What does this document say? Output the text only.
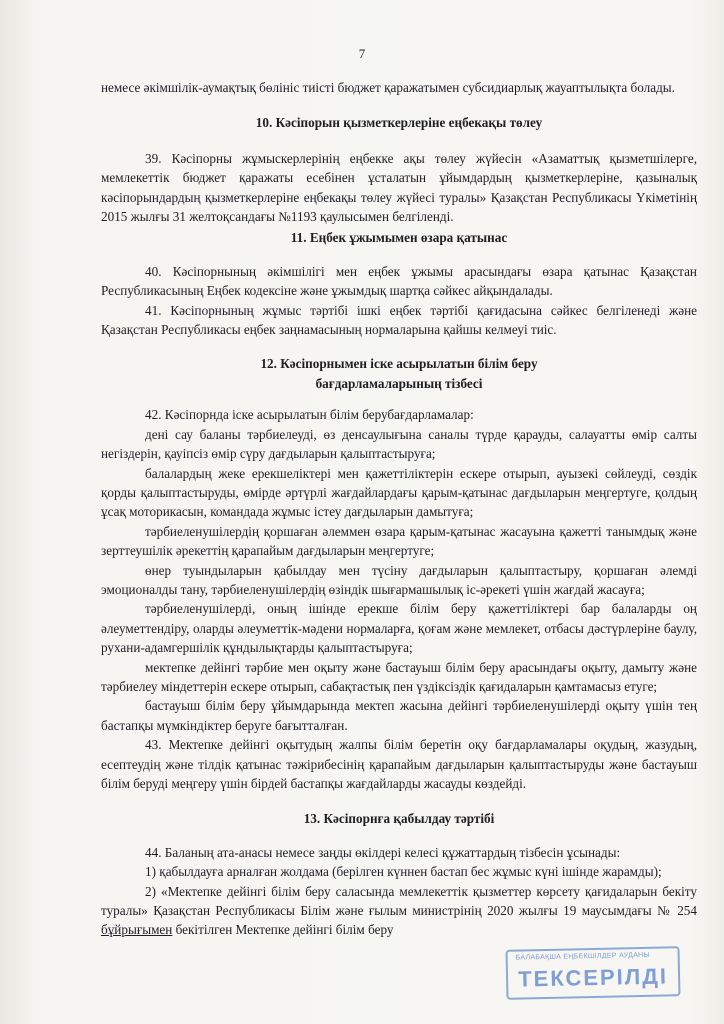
7

немесе әкімшілік-аумақтық бөлініс тиісті бюджет қаражатымен субсидиарлық жауаптылықта болады.

10. Кәсіпорын қызметкерлеріне еңбекақы төлеу

39. Кәсіпорны жұмыскерлерінің еңбекке ақы төлеу жүйесін «Азаматтық қызметшілерге, мемлекеттік бюджет қаражаты есебінен ұсталатын ұйымдардың қызметкерлеріне, қазыналық кәсіпорындардың қызметкерлеріне еңбекақы төлеу жүйесі туралы» Қазақстан Республикасы Үкіметінің 2015 жылғы 31 желтоқсандағы №1193 қаулысымен белгіленді.

11. Еңбек ұжымымен өзара қатынас

40. Кәсіпорнының әкімшілігі мен еңбек ұжымы арасындағы өзара қатынас Қазақстан Республикасының Еңбек кодексіне және ұжымдық шартқа сәйкес айқындалады.

41. Кәсіпорнының жұмыс тәртібі ішкі еңбек тәртібі қағидасына сәйкес белгіленеді және Қазақстан Республикасы еңбек заңнамасының нормаларына қайшы келмеуі тиіс.

12. Кәсіпорнымен іске асырылатын білім беру бағдарламаларының тізбесі

42. Кәсіпорнда іске асырылатын білім берубағдарламалар:

дені сау баланы тәрбиелеуді, өз денсаулығына саналы түрде қарауды, салауатты өмір салты негіздерін, қауіпсіз өмір сүру дағдыларын қалыптастыруға;

балалардың жеке ерекшеліктері мен қажеттіліктерін ескере отырып, ауызекі сөйлеуді, сөздік қорды қалыптастыруды, өмірде әртүрлі жағдайлардағы қарым-қатынас дағдыларын меңгертуге, қолдың ұсақ моторикасын, командада жұмыс істеу дағдыларын дамытуға;

тәрбиеленушілердің қоршаған әлеммен өзара қарым-қатынас жасауына қажетті танымдық және зерттеушілік әрекеттің қарапайым дағдыларын меңгертуге;

өнер туындыларын қабылдау мен түсіну дағдыларын қалыптастыру, қоршаған әлемді эмоционалды тану, тәрбиеленушілердің өзіндік шығармашылық іс-әрекеті үшін жағдай жасауға;

тәрбиеленушілерді, оның ішінде ерекше білім беру қажеттіліктері бар балаларды оң әлеуметтендіру, оларды әлеуметтік-мәдени нормаларға, қоғам және мемлекет, отбасы дәстүрлеріне баулу, рухани-адамгершілік құндылықтарды қалыптастыруға;

мектепке дейінгі тәрбие мен оқыту және бастауыш білім беру арасындағы оқыту, дамыту және тәрбиелеу міндеттерін ескере отырып, сабақтастық пен үздіксіздік қағидаларын қамтамасыз етуге;

бастауыш білім беру ұйымдарында мектеп жасына дейінгі тәрбиеленушілерді оқыту үшін тең бастапқы мүмкіндіктер беруге бағытталған.

43. Мектепке дейінгі оқытудың жалпы білім беретін оқу бағдарламалары оқудың, жазудың, есептеудің және тілдік қатынас тәжірибесінің қарапайым дағдыларын қалыптастыруды және бастауыш білім беруді меңгеру үшін бірдей бастапқы жағдайларды жасауды көздейді.

13. Кәсіпорнға қабылдау тәртібі

44. Баланың ата-анасы немесе заңды өкілдері келесі құжаттардың тізбесін ұсынады:

1) қабылдауға арналған жолдама (берілген күннен бастап бес жұмыс күні ішінде жарамды);

2) «Мектепке дейінгі білім беру саласында мемлекеттік қызметтер көрсету қағидаларын бекіту туралы» Қазақстан Республикасы Білім және ғылым министрінің 2020 жылғы 19 маусымдағы № 254 бұйрығымен бекітілген Мектепке дейінгі білім беру

БАЛАБАҚША ЕҢБЕКШІЛДЕР АУДАНЫ
ТЕКСЕРІЛДІ
